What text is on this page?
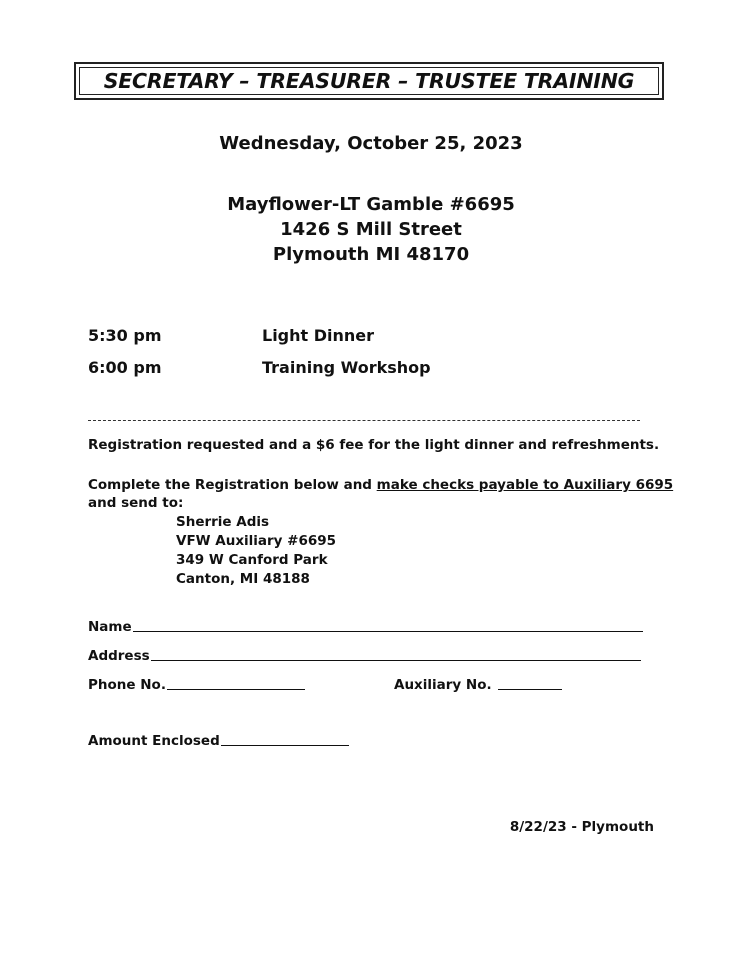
SECRETARY – TREASURER – TRUSTEE TRAINING
Wednesday, October 25, 2023
Mayflower-LT Gamble #6695
1426 S Mill Street
Plymouth MI 48170
5:30 pm	Light Dinner
6:00 pm	Training Workshop
Registration requested and a $6 fee for the light dinner and refreshments.
Complete the Registration below and make checks payable to Auxiliary 6695
and send to:
Sherrie Adis
VFW Auxiliary #6695
349 W Canford Park
Canton, MI 48188
Name
Address
Phone No.	Auxiliary No.
Amount Enclosed
8/22/23 - Plymouth
